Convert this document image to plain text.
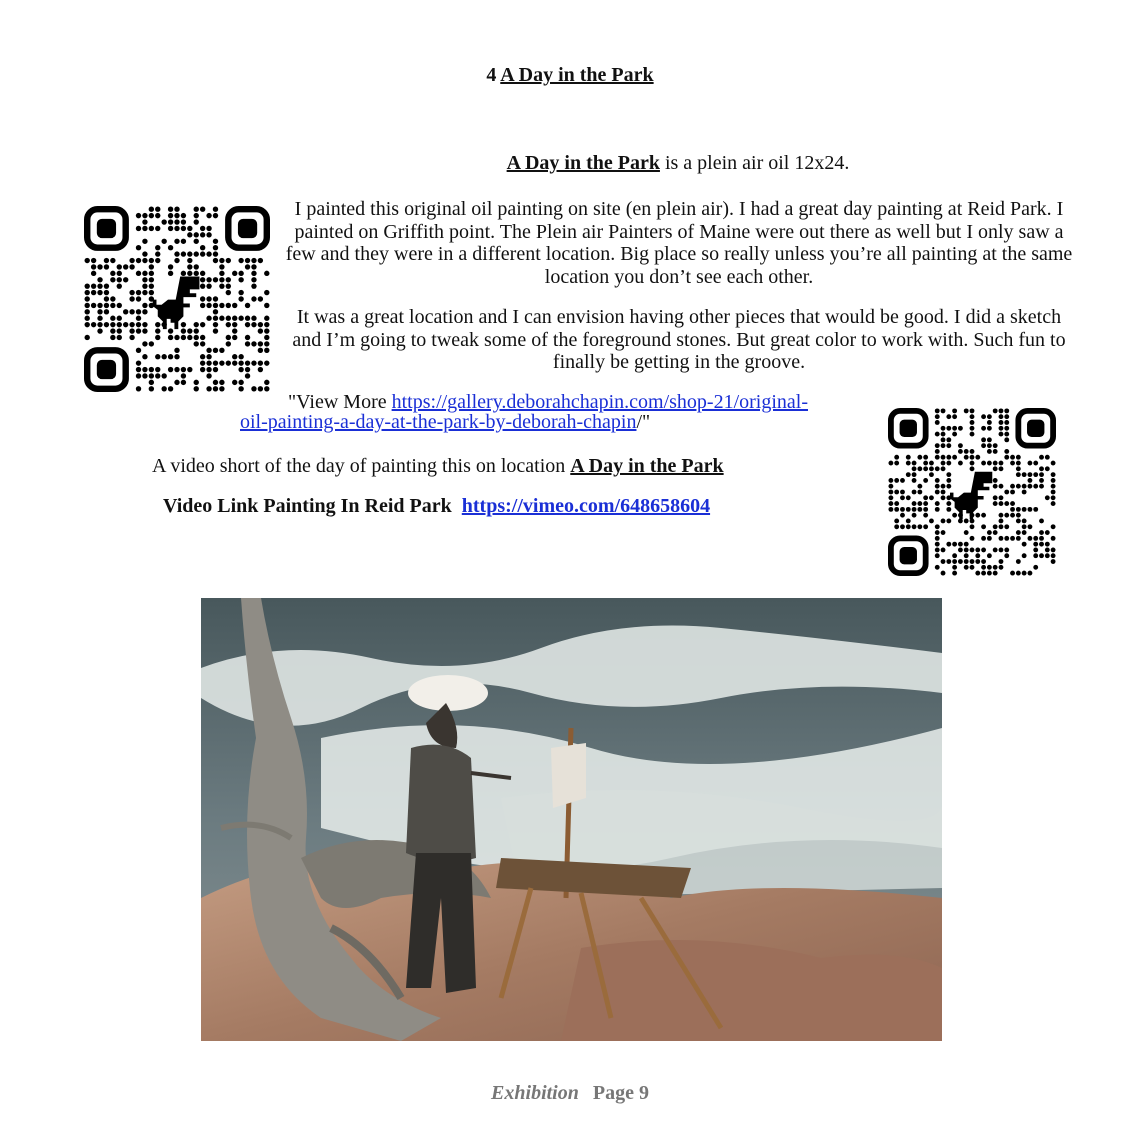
4 A Day in the Park
A Day in the Park is a plein air oil 12x24.

I painted this original oil painting on site (en plein air). I had a great day painting at Reid Park. I painted on Griffith point. The Plein air Painters of Maine were out there as well but I only saw a few and they were in a different location. Big place so really unless you’re all painting at the same location you don’t see each other.

It was a great location and I can envision having other pieces that would be good. I did a sketch and I’m going to tweak some of the foreground stones. But great color to work with. Such fun to finally be getting in the groove.

"View More https://gallery.deborahchapin.com/shop-21/original-
oil-painting-a-day-at-the-park-by-deborah-chapin/"
A video short of the day of painting this on location A Day in the Park
Video Link Painting In Reid Park https://vimeo.com/648658604
Exhibition Page 9
